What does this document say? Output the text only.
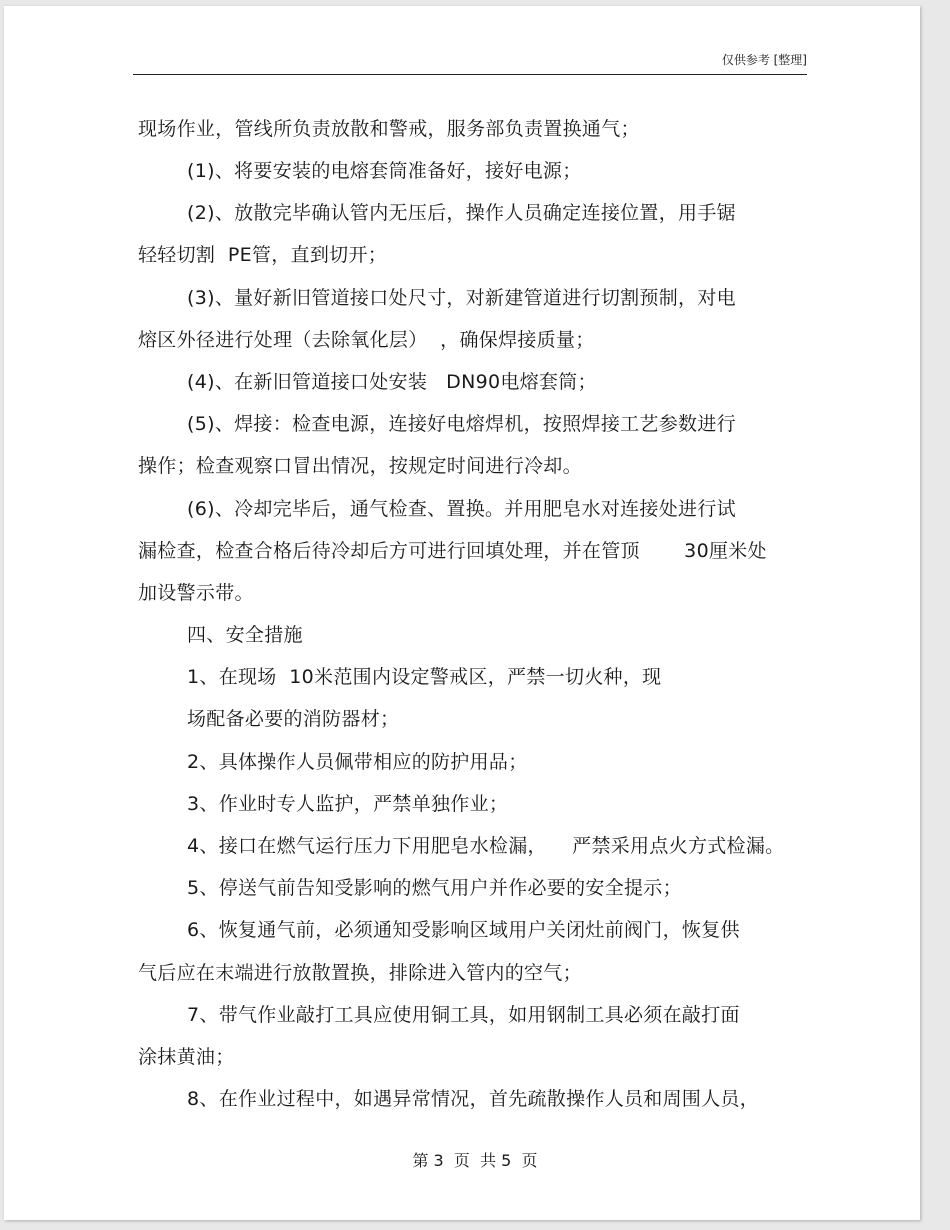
仅供参考 [整理]
现场作业，管线所负责放散和警戒，服务部负责置换通气；
(1)、将要安装的电熔套筒准备好，接好电源；
(2)、放散完毕确认管内无压后，操作人员确定连接位置，用手锯
轻轻切割  PE管，直到切开；
(3)、量好新旧管道接口处尺寸，对新建管道进行切割预制，对电
熔区外径进行处理（去除氧化层）  ，确保焊接质量；
(4)、在新旧管道接口处安装   DN90电熔套筒；
(5)、焊接：检查电源，连接好电熔焊机，按照焊接工艺参数进行
操作；检查观察口冒出情况，按规定时间进行冷却。
(6)、冷却完毕后，通气检查、置换。并用肥皂水对连接处进行试
漏检查，检查合格后待冷却后方可进行回填处理，并在管顶       30厘米处
加设警示带。
四、安全措施
1、在现场  10米范围内设定警戒区，严禁一切火种，现
场配备必要的消防器材；
2、具体操作人员佩带相应的防护用品；
3、作业时专人监护，严禁单独作业；
4、接口在燃气运行压力下用肥皂水检漏，    严禁采用点火方式检漏。
5、停送气前告知受影响的燃气用户并作必要的安全提示；
6、恢复通气前，必须通知受影响区域用户关闭灶前阀门，恢复供
气后应在末端进行放散置换，排除进入管内的空气；
7、带气作业敲打工具应使用铜工具，如用钢制工具必须在敲打面
涂抹黄油；
8、在作业过程中，如遇异常情况，首先疏散操作人员和周围人员，
第 3  页  共 5  页
